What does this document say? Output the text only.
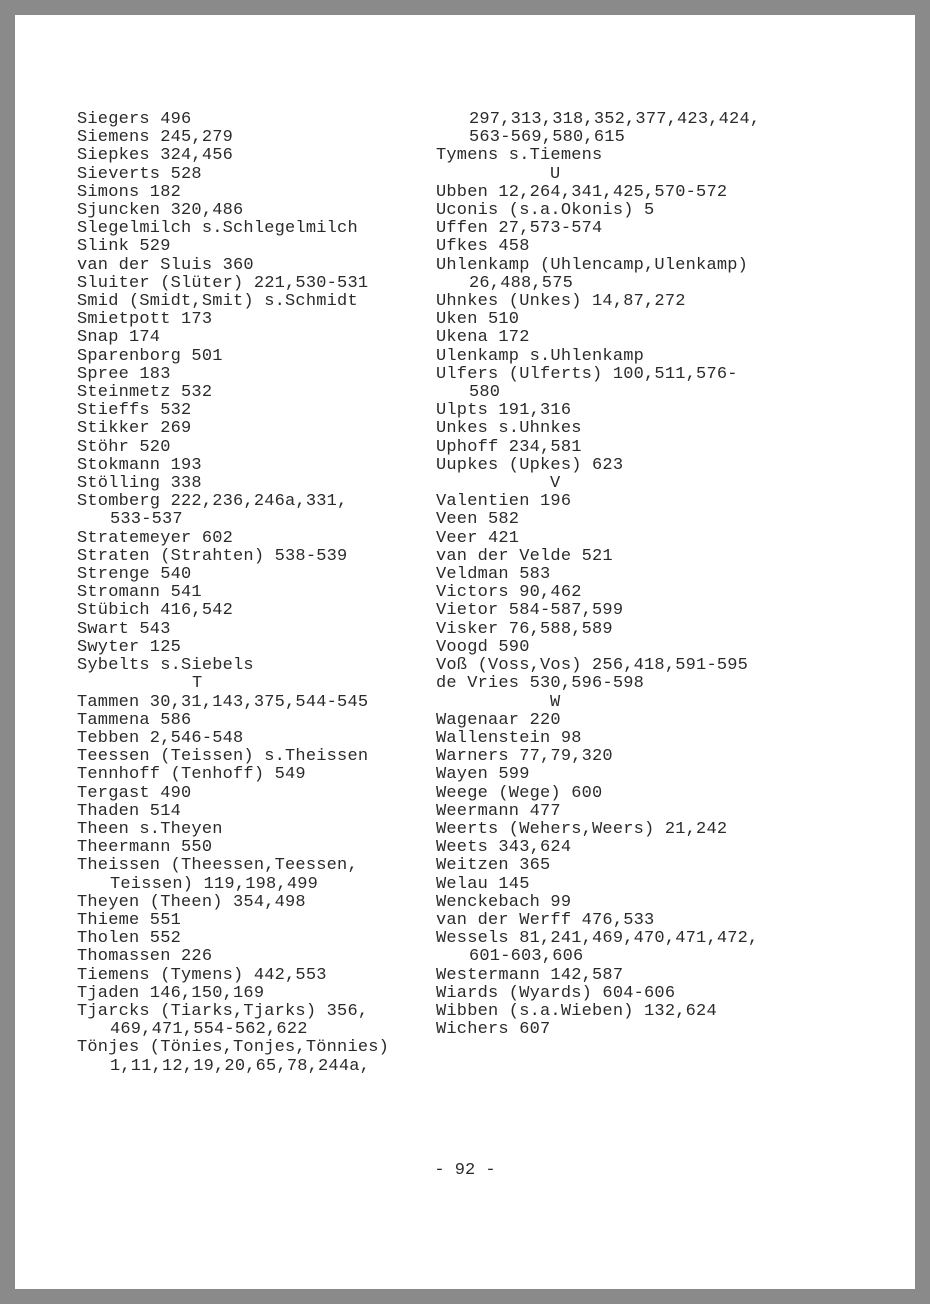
Siegers 496
Siemens 245,279
Siepkes 324,456
Sieverts 528
Simons 182
Sjuncken 320,486
Slegelmilch s.Schlegelmilch
Slink 529
van der Sluis 360
Sluiter (Slüter) 221,530-531
Smid (Smidt,Smit) s.Schmidt
Smietpott 173
Snap 174
Sparenborg 501
Spree 183
Steinmetz 532
Stieffs 532
Stikker 269
Stöhr 520
Stokmann 193
Stölling 338
Stomberg 222,236,246a,331,
533-537
Stratemeyer 602
Straten (Strahten) 538-539
Strenge 540
Stromann 541
Stübich 416,542
Swart 543
Swyter 125
Sybelts s.Siebels
T
Tammen 30,31,143,375,544-545
Tammena 586
Tebben 2,546-548
Teessen (Teissen) s.Theissen
Tennhoff (Tenhoff) 549
Tergast 490
Thaden 514
Theen s.Theyen
Theermann 550
Theissen (Theessen,Teessen,
Teissen) 119,198,499
Theyen (Theen) 354,498
Thieme 551
Tholen 552
Thomassen 226
Tiemens (Tymens) 442,553
Tjaden 146,150,169
Tjarcks (Tiarks,Tjarks) 356,
469,471,554-562,622
Tönjes (Tönies,Tonjes,Tönnies)
1,11,12,19,20,65,78,244a,
297,313,318,352,377,423,424,
563-569,580,615
Tymens s.Tiemens
U
Ubben 12,264,341,425,570-572
Uconis (s.a.Okonis) 5
Uffen 27,573-574
Ufkes 458
Uhlenkamp (Uhlencamp,Ulenkamp)
26,488,575
Uhnkes (Unkes) 14,87,272
Uken 510
Ukena 172
Ulenkamp s.Uhlenkamp
Ulfers (Ulferts) 100,511,576-
580
Ulpts 191,316
Unkes s.Uhnkes
Uphoff 234,581
Uupkes (Upkes) 623
V
Valentien 196
Veen 582
Veer 421
van der Velde 521
Veldman 583
Victors 90,462
Vietor 584-587,599
Visker 76,588,589
Voogd 590
Voß (Voss,Vos) 256,418,591-595
de Vries 530,596-598
W
Wagenaar 220
Wallenstein 98
Warners 77,79,320
Wayen 599
Weege (Wege) 600
Weermann 477
Weerts (Wehers,Weers) 21,242
Weets 343,624
Weitzen 365
Welau 145
Wenckebach 99
van der Werff 476,533
Wessels 81,241,469,470,471,472,
601-603,606
Westermann 142,587
Wiards (Wyards) 604-606
Wibben (s.a.Wieben) 132,624
Wichers 607
- 92 -
